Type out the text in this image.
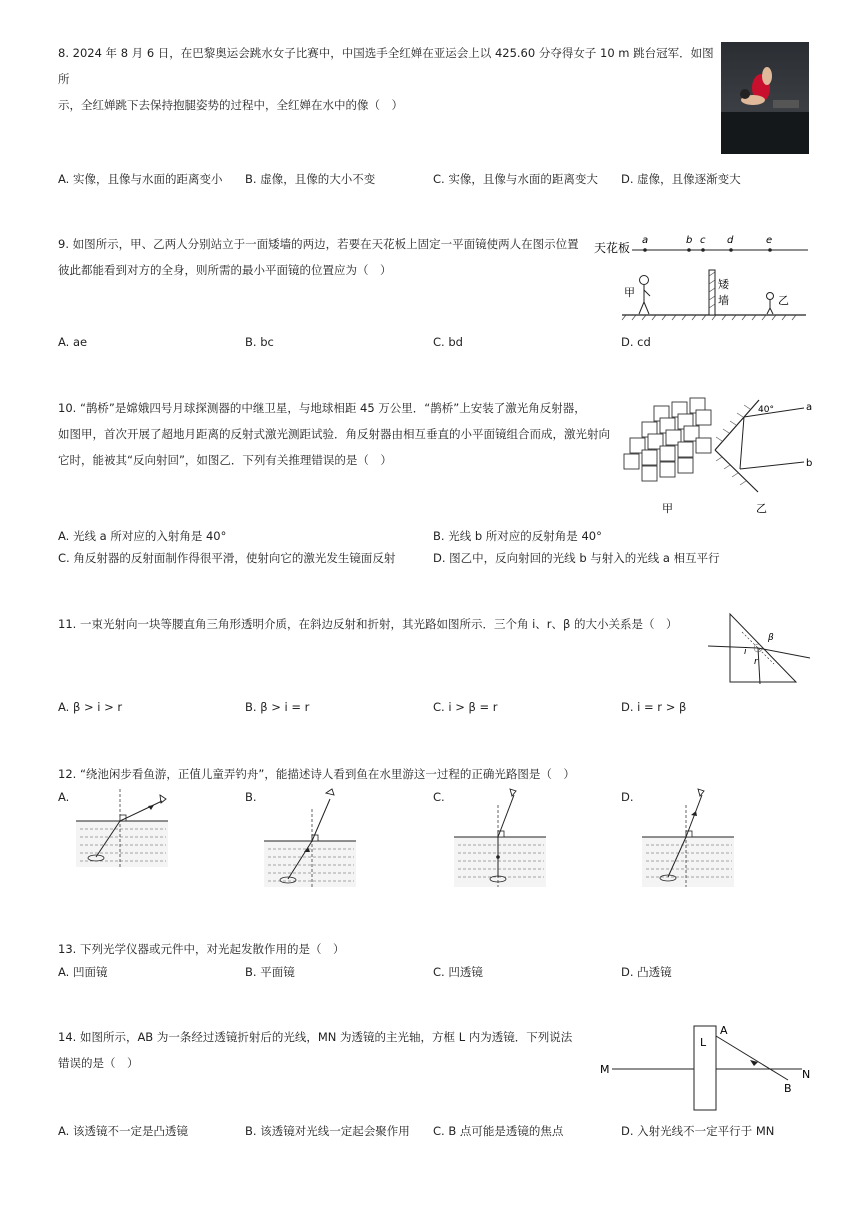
8. 2024 年 8 月 6 日，在巴黎奥运会跳水女子比赛中，中国选手全红婵在亚运会上以 425.60 分夺得女子 10 m 跳台冠军．如图所
示，全红婵跳下去保持抱腿姿势的过程中，全红婵在水中的像（　）
A. 实像，且像与水面的距离变小 B. 虚像，且像的大小不变	C. 实像，且像与水面的距离变大 D. 虚像，且像逐渐变大
9. 如图所示，甲、乙两人分别站立于一面矮墙的两边，若要在天花板上固定一平面镜使两人在图示位置
彼此都能看到对方的全身，则所需的最小平面镜的位置应为（　）
天花板
a	b c d	e
矮
墙
甲
乙
A. ae	B. bc	C. bd	D. cd
10. “鹊桥”是嫦娥四号月球探测器的中继卫星，与地球相距 45 万公里．“鹊桥”上安装了激光角反射器，
如图甲，首次开展了超地月距离的反射式激光测距试验．角反射器由相互垂直的小平面镜组合而成，激光射向
它时，能被其“反向射回”，如图乙．下列有关推理错误的是（　）
甲
40°	a
b
乙
A. 光线 a 所对应的入射角是 40°	B. 光线 b 所对应的反射角是 40°
C. 角反射器的反射面制作得很平滑，使射向它的激光发生镜面反射	D. 图乙中，反向射回的光线 b 与射入的光线 a 相互平行
11. 一束光射向一块等腰直角三角形透明介质，在斜边反射和折射，其光路如图所示．三个角 i、r、β 的大小关系是（　）
i
r
β
A. β > i > r	B. β > i = r	C. i > β = r	D. i = r > β
12. “绕池闲步看鱼游，正值儿童弄钓舟”，能描述诗人看到鱼在水里游这一过程的正确光路图是（　）
A.	B.	C.	D.
13. 下列光学仪器或元件中，对光起发散作用的是（　）
A. 凹面镜	B. 平面镜	C. 凹透镜	D. 凸透镜
14. 如图所示，AB 为一条经过透镜折射后的光线，MN 为透镜的主光轴，方框 L 内为透镜．下列说法
错误的是（　）	M	N
L
A
B
A. 该透镜不一定是凸透镜	B. 该透镜对光线一定起会聚作用 C. B 点可能是透镜的焦点	D. 入射光线不一定平行于 MN
